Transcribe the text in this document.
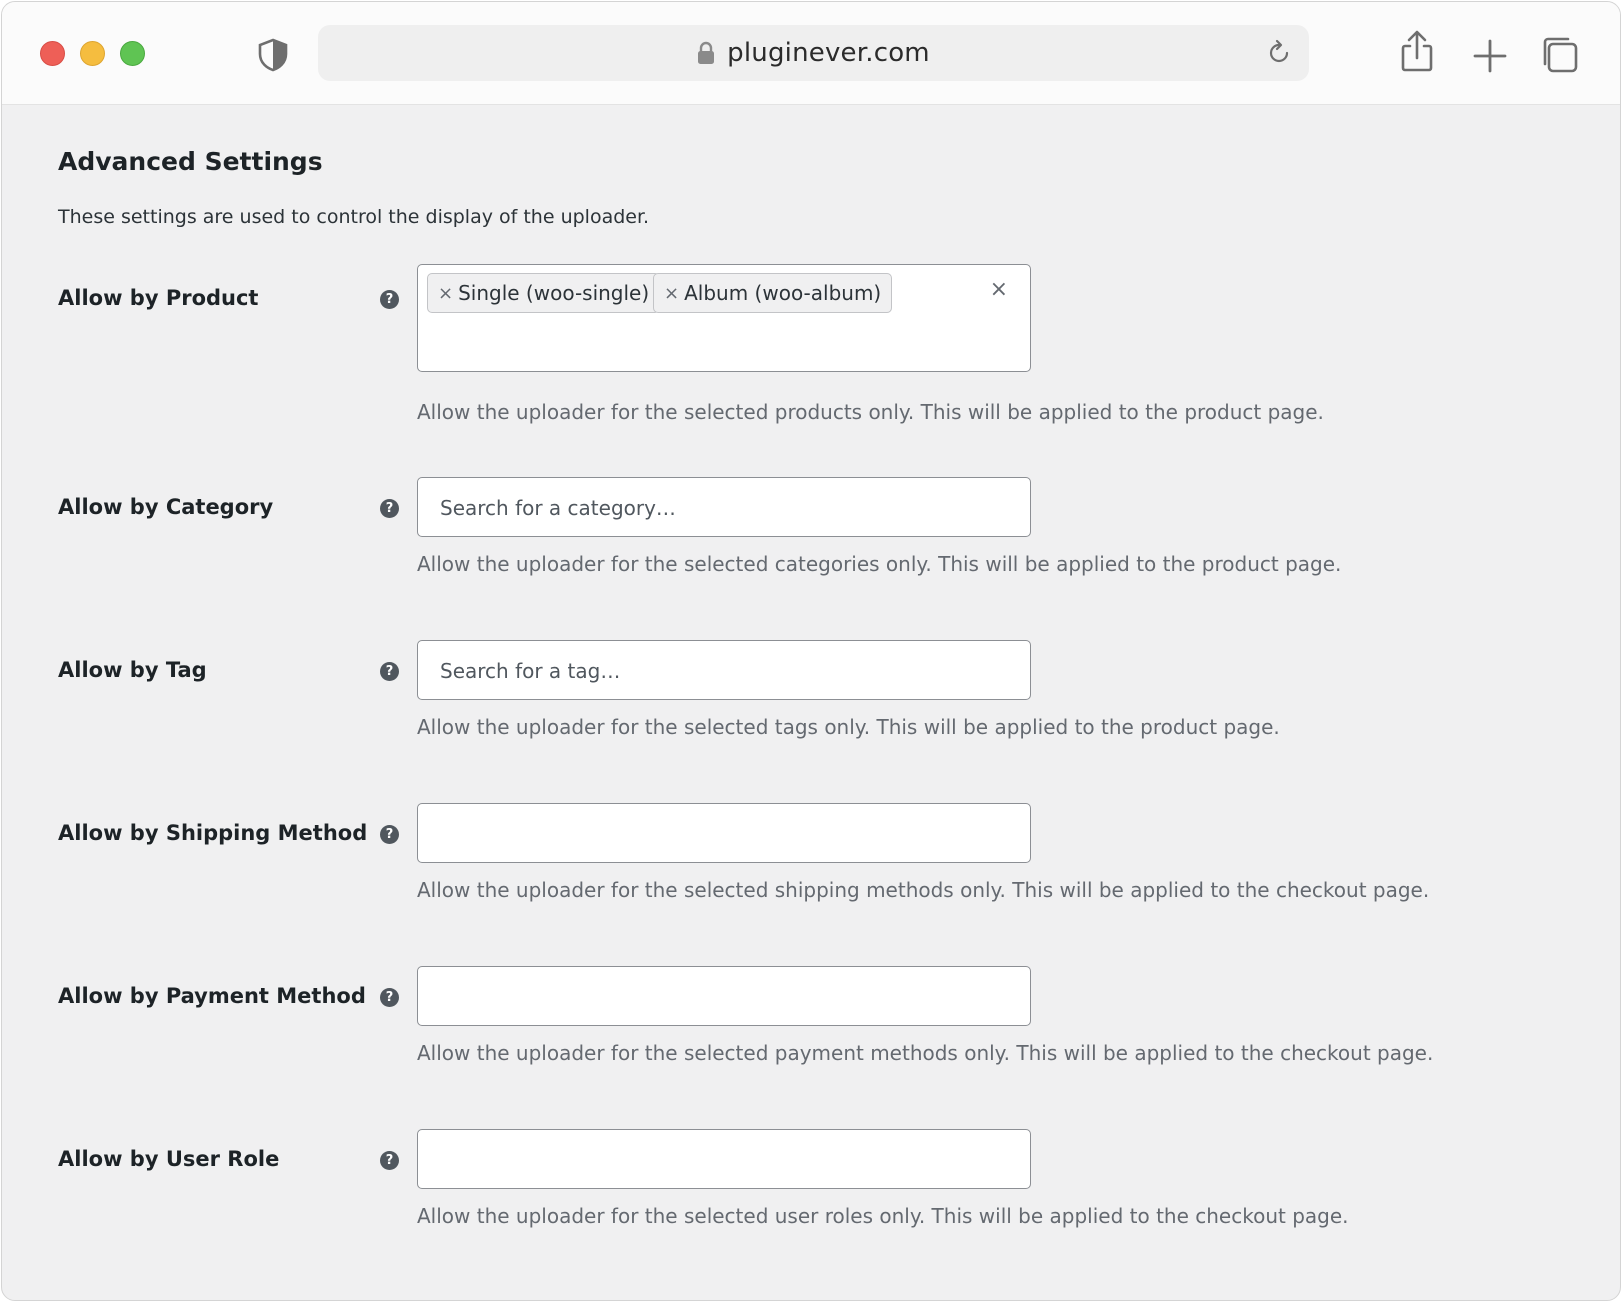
pluginever.com
Advanced Settings
These settings are used to control the display of the uploader.
Allow by Product	?	× Single (woo-single) × Album (woo-album)	×
Allow the uploader for the selected products only. This will be applied to the product page.
Allow by Category	?
Search for a category…
Allow the uploader for the selected categories only. This will be applied to the product page.
Allow by Tag	?
Search for a tag…
Allow the uploader for the selected tags only. This will be applied to the product page.
Allow by Shipping Method	?
Allow the uploader for the selected shipping methods only. This will be applied to the checkout page.
Allow by Payment Method	?
Allow the uploader for the selected payment methods only. This will be applied to the checkout page.
Allow by User Role	?
Allow the uploader for the selected user roles only. This will be applied to the checkout page.
